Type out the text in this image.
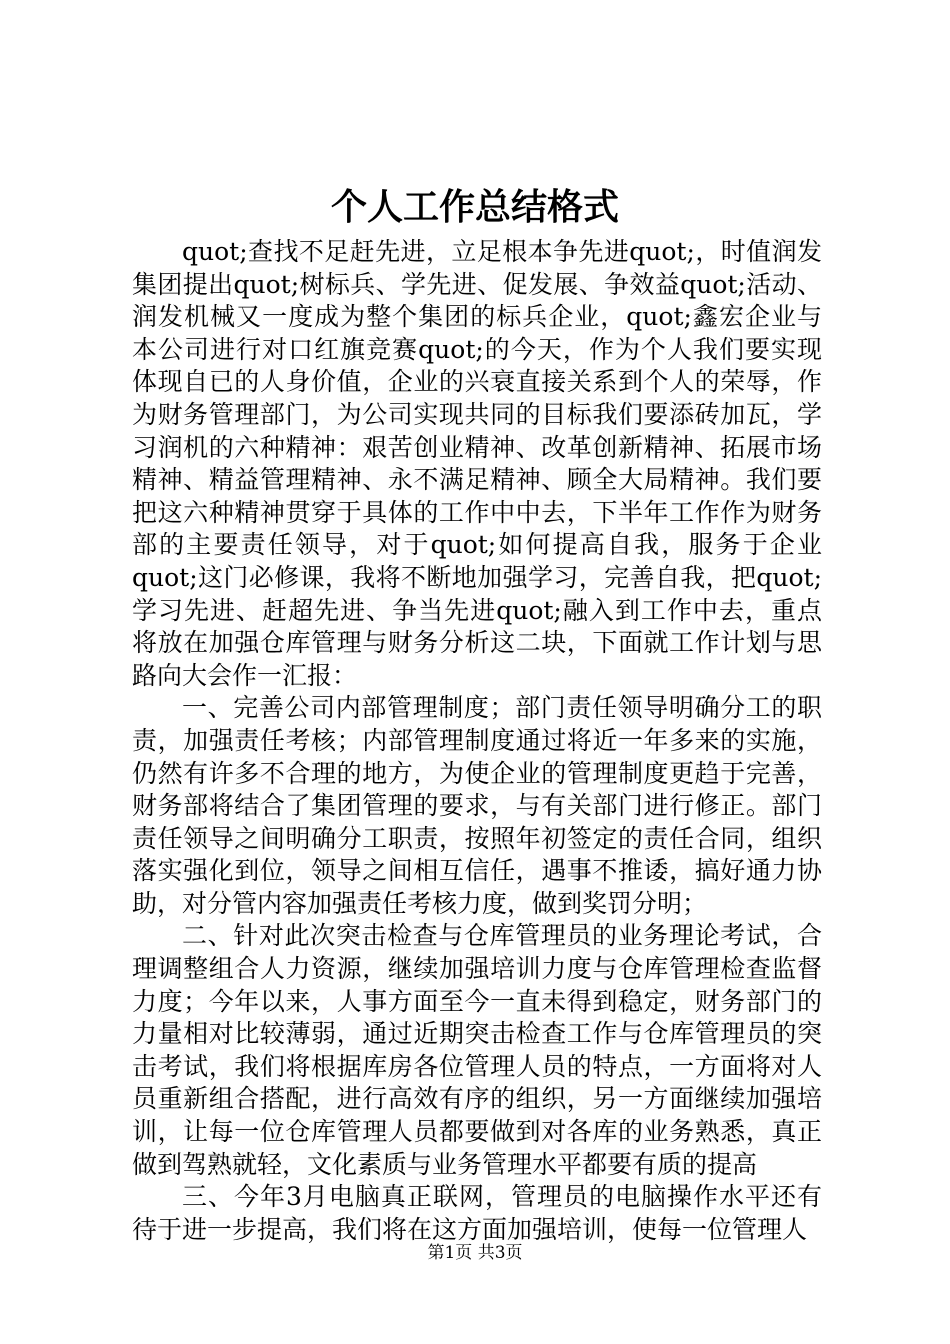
个人工作总结格式

quot;查找不足赶先进，立足根本争先进quot;，时值润发集团提出quot;树标兵、学先进、促发展、争效益quot;活动、润发机械又一度成为整个集团的标兵企业，quot;鑫宏企业与本公司进行对口红旗竞赛quot;的今天，作为个人我们要实现体现自已的人身价值，企业的兴衰直接关系到个人的荣辱，作为财务管理部门，为公司实现共同的目标我们要添砖加瓦，学习润机的六种精神：艰苦创业精神、改革创新精神、拓展市场精神、精益管理精神、永不满足精神、顾全大局精神。我们要把这六种精神贯穿于具体的工作中中去，下半年工作作为财务部的主要责任领导，对于quot;如何提高自我，服务于企业quot;这门必修课，我将不断地加强学习，完善自我，把quot;学习先进、赶超先进、争当先进quot;融入到工作中去，重点将放在加强仓库管理与财务分析这二块，下面就工作计划与思路向大会作一汇报：

一、完善公司内部管理制度；部门责任领导明确分工的职责，加强责任考核；内部管理制度通过将近一年多来的实施，仍然有许多不合理的地方，为使企业的管理制度更趋于完善，财务部将结合了集团管理的要求，与有关部门进行修正。部门责任领导之间明确分工职责，按照年初签定的责任合同，组织落实强化到位，领导之间相互信任，遇事不推诿，搞好通力协助，对分管内容加强责任考核力度，做到奖罚分明；

二、针对此次突击检查与仓库管理员的业务理论考试，合理调整组合人力资源，继续加强培训力度与仓库管理检查监督力度；今年以来，人事方面至今一直未得到稳定，财务部门的力量相对比较薄弱，通过近期突击检查工作与仓库管理员的突击考试，我们将根据库房各位管理人员的特点，一方面将对人员重新组合搭配，进行高效有序的组织，另一方面继续加强培训，让每一位仓库管理人员都要做到对各库的业务熟悉，真正做到驾熟就轻，文化素质与业务管理水平都要有质的提高

三、今年3月电脑真正联网，管理员的电脑操作水平还有待于进一步提高，我们将在这方面加强培训，使每一位管理人

第1页 共3页
